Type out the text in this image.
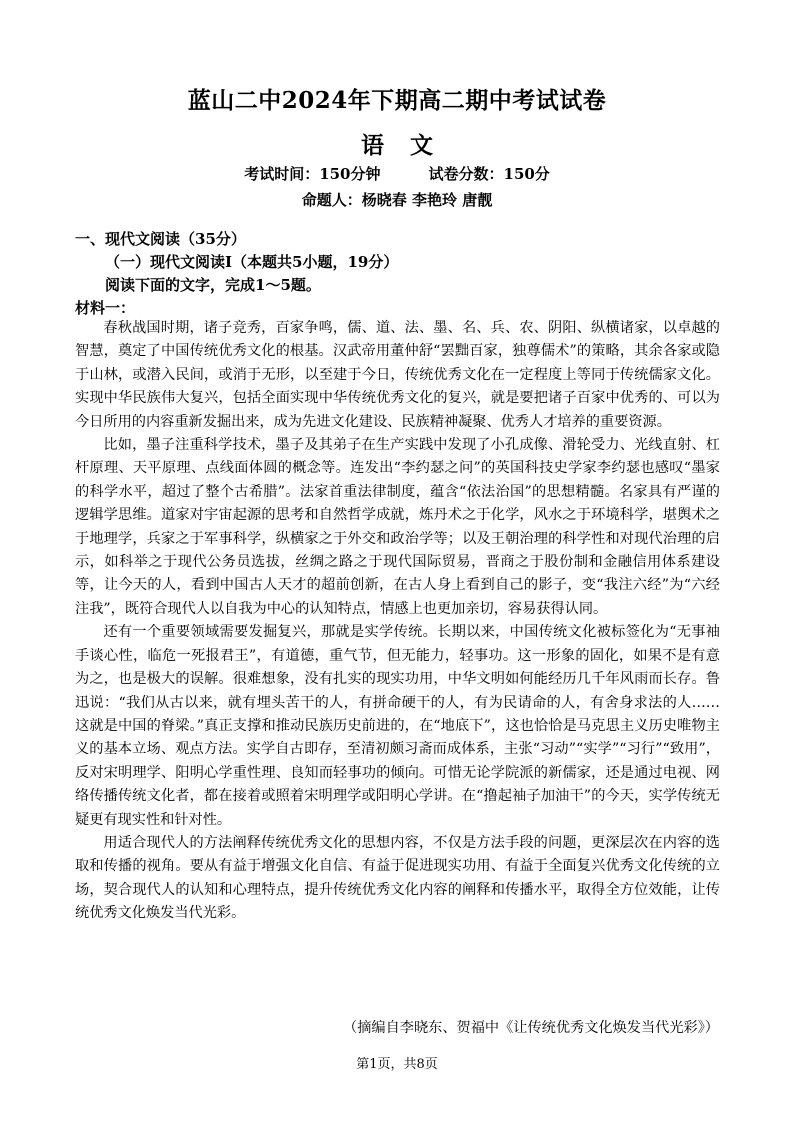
蓝山二中2024年下期高二期中考试试卷
语文
考试时间：150分钟	试卷分数：150分
命题人：杨晓春 李艳玲 唐靓
一、现代文阅读（35分）
（一）现代文阅读Ⅰ（本题共5小题，19分）
阅读下面的文字，完成1～5题。
材料一：

春秋战国时期，诸子竞秀，百家争鸣，儒、道、法、墨、名、兵、农、阴阳、纵横诸家，以卓越的智慧，奠定了中国传统优秀文化的根基。汉武帝用董仲舒“罢黜百家，独尊儒术”的策略，其余各家或隐于山林，或潜入民间，或消于无形，以至建于今日，传统优秀文化在一定程度上等同于传统儒家文化。实现中华民族伟大复兴，包括全面实现中华传统优秀文化的复兴，就是要把诸子百家中优秀的、可以为今日所用的内容重新发掘出来，成为先进文化建设、民族精神凝聚、优秀人才培养的重要资源。

比如，墨子注重科学技术，墨子及其弟子在生产实践中发现了小孔成像、滑轮受力、光线直射、杠杆原理、天平原理、点线面体圆的概念等。连发出“李约瑟之问”的英国科技史学家李约瑟也感叹“墨家的科学水平，超过了整个古希腊”。法家首重法律制度，蕴含“依法治国”的思想精髓。名家具有严谨的逻辑学思维。道家对宇宙起源的思考和自然哲学成就，炼丹术之于化学，风水之于环境科学，堪舆术之于地理学，兵家之于军事科学，纵横家之于外交和政治学等；以及王朝治理的科学性和对现代治理的启示，如科举之于现代公务员选拔，丝绸之路之于现代国际贸易，晋商之于股份制和金融信用体系建设等，让今天的人，看到中国古人天才的超前创新，在古人身上看到自己的影子，变“我注六经”为“六经注我”，既符合现代人以自我为中心的认知特点，情感上也更加亲切，容易获得认同。

还有一个重要领域需要发掘复兴，那就是实学传统。长期以来，中国传统文化被标签化为“无事袖手谈心性，临危一死报君王”，有道德，重气节，但无能力，轻事功。这一形象的固化，如果不是有意为之，也是极大的误解。很难想象，没有扎实的现实功用，中华文明如何能经历几千年风雨而长存。鲁迅说：“我们从古以来，就有埋头苦干的人，有拼命硬干的人，有为民请命的人，有舍身求法的人……这就是中国的脊梁。”真正支撑和推动民族历史前进的，在“地底下”，这也恰恰是马克思主义历史唯物主义的基本立场、观点方法。实学自古即存，至清初颇习斋而成体系，主张“习动”“实学”“习行”“致用”，反对宋明理学、阳明心学重性理、良知而轻事功的倾向。可惜无论学院派的新儒家，还是通过电视、网络传播传统文化者，都在接着或照着宋明理学或阳明心学讲。在“撸起袖子加油干”的今天，实学传统无疑更有现实性和针对性。

用适合现代人的方法阐释传统优秀文化的思想内容，不仅是方法手段的问题，更深层次在内容的选取和传播的视角。要从有益于增强文化自信、有益于促进现实功用、有益于全面复兴优秀文化传统的立场，契合现代人的认知和心理特点，提升传统优秀文化内容的阐释和传播水平，取得全方位效能，让传统优秀文化焕发当代光彩。

（摘编自李晓东、贺福中《让传统优秀文化焕发当代光彩》）
第1页，共8页
